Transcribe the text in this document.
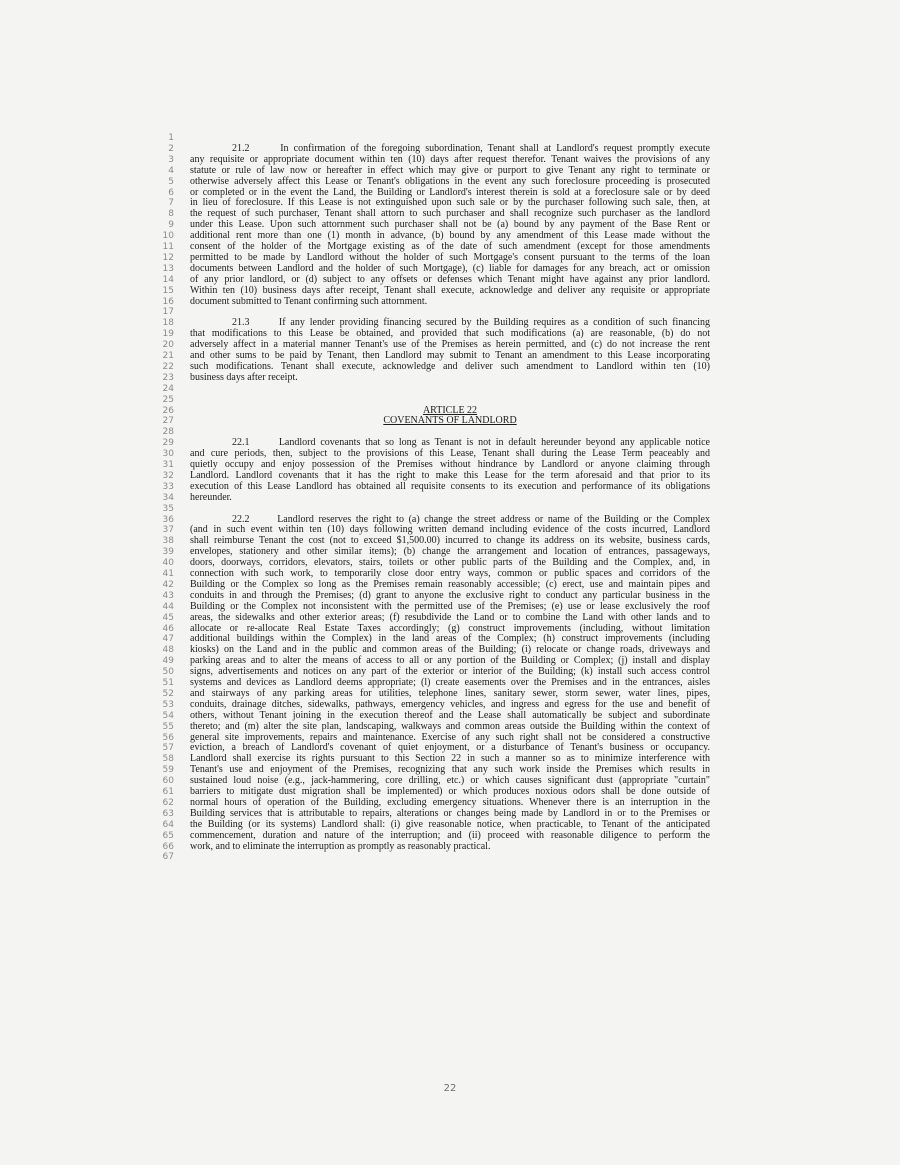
1
2
3
4
5
6
7
8
9
10
11
12
13
14
15
16
17
18
19
20
21
22
23
24
25
26
27
28
29
30
31
32
33
34
35
36
37
38
39
40
41
42
43
44
45
46
47
48
49
50
51
52
53
54
55
56
57
58
59
60
61
62
63
64
65
66
67
21.2      In confirmation of the foregoing subordination, Tenant shall at Landlord's request promptly execute
any requisite or appropriate document within ten (10) days after request therefor. Tenant waives the provisions of any
statute or rule of law now or hereafter in effect which may give or purport to give Tenant any right to terminate or
otherwise adversely affect this Lease or Tenant's obligations in the event any such foreclosure proceeding is prosecuted
or completed or in the event the Land, the Building or Landlord's interest therein is sold at a foreclosure sale or by deed
in lieu of foreclosure. If this Lease is not extinguished upon such sale or by the purchaser following such sale, then, at
the request of such purchaser, Tenant shall attorn to such purchaser and shall recognize such purchaser as the landlord
under this Lease. Upon such attornment such purchaser shall not be (a) bound by any payment of the Base Rent or
additional rent more than one (1) month in advance, (b) bound by any amendment of this Lease made without the
consent of the holder of the Mortgage existing as of the date of such amendment (except for those amendments
permitted to be made by Landlord without the holder of such Mortgage's consent pursuant to the terms of the loan
documents between Landlord and the holder of such Mortgage), (c) liable for damages for any breach, act or omission
of any prior landlord, or (d) subject to any offsets or defenses which Tenant might have against any prior landlord.
Within ten (10) business days after receipt, Tenant shall execute, acknowledge and deliver any requisite or appropriate
document submitted to Tenant confirming such attornment.
21.3      If any lender providing financing secured by the Building requires as a condition of such financing
that modifications to this Lease be obtained, and provided that such modifications (a) are reasonable, (b) do not
adversely affect in a material manner Tenant's use of the Premises as herein permitted, and (c) do not increase the rent
and other sums to be paid by Tenant, then Landlord may submit to Tenant an amendment to this Lease incorporating
such modifications. Tenant shall execute, acknowledge and deliver such amendment to Landlord within ten (10)
business days after receipt.
ARTICLE 22
COVENANTS OF LANDLORD
22.1      Landlord covenants that so long as Tenant is not in default hereunder beyond any applicable notice
and cure periods, then, subject to the provisions of this Lease, Tenant shall during the Lease Term peaceably and
quietly occupy and enjoy possession of the Premises without hindrance by Landlord or anyone claiming through
Landlord. Landlord covenants that it has the right to make this Lease for the term aforesaid and that prior to its
execution of this Lease Landlord has obtained all requisite consents to its execution and performance of its obligations
hereunder.
22.2      Landlord reserves the right to (a) change the street address or name of the Building or the Complex
(and in such event within ten (10) days following written demand including evidence of the costs incurred, Landlord
shall reimburse Tenant the cost (not to exceed $1,500.00) incurred to change its address on its website, business cards,
envelopes, stationery and other similar items); (b) change the arrangement and location of entrances, passageways,
doors, doorways, corridors, elevators, stairs, toilets or other public parts of the Building and the Complex, and, in
connection with such work, to temporarily close door entry ways, common or public spaces and corridors of the
Building or the Complex so long as the Premises remain reasonably accessible; (c) erect, use and maintain pipes and
conduits in and through the Premises; (d) grant to anyone the exclusive right to conduct any particular business in the
Building or the Complex not inconsistent with the permitted use of the Premises; (e) use or lease exclusively the roof
areas, the sidewalks and other exterior areas; (f) resubdivide the Land or to combine the Land with other lands and to
allocate or re-allocate Real Estate Taxes accordingly; (g) construct improvements (including, without limitation
additional buildings within the Complex) in the land areas of the Complex; (h) construct improvements (including
kiosks) on the Land and in the public and common areas of the Building; (i) relocate or change roads, driveways and
parking areas and to alter the means of access to all or any portion of the Building or Complex; (j) install and display
signs, advertisements and notices on any part of the exterior or interior of the Building; (k) install such access control
systems and devices as Landlord deems appropriate; (l) create easements over the Premises and in the entrances, aisles
and stairways of any parking areas for utilities, telephone lines, sanitary sewer, storm sewer, water lines, pipes,
conduits, drainage ditches, sidewalks, pathways, emergency vehicles, and ingress and egress for the use and benefit of
others, without Tenant joining in the execution thereof and the Lease shall automatically be subject and subordinate
thereto; and (m) alter the site plan, landscaping, walkways and common areas outside the Building within the context of
general site improvements, repairs and maintenance. Exercise of any such right shall not be considered a constructive
eviction, a breach of Landlord's covenant of quiet enjoyment, or a disturbance of Tenant's business or occupancy.
Landlord shall exercise its rights pursuant to this Section 22 in such a manner so as to minimize interference with
Tenant's use and enjoyment of the Premises, recognizing that any such work inside the Premises which results in
sustained loud noise (e.g., jack-hammering, core drilling, etc.) or which causes significant dust (appropriate "curtain"
barriers to mitigate dust migration shall be implemented) or which produces noxious odors shall be done outside of
normal hours of operation of the Building, excluding emergency situations. Whenever there is an interruption in the
Building services that is attributable to repairs, alterations or changes being made by Landlord in or to the Premises or
the Building (or its systems) Landlord shall: (i) give reasonable notice, when practicable, to Tenant of the anticipated
commencement, duration and nature of the interruption; and (ii) proceed with reasonable diligence to perform the
work, and to eliminate the interruption as promptly as reasonably practical.
22
